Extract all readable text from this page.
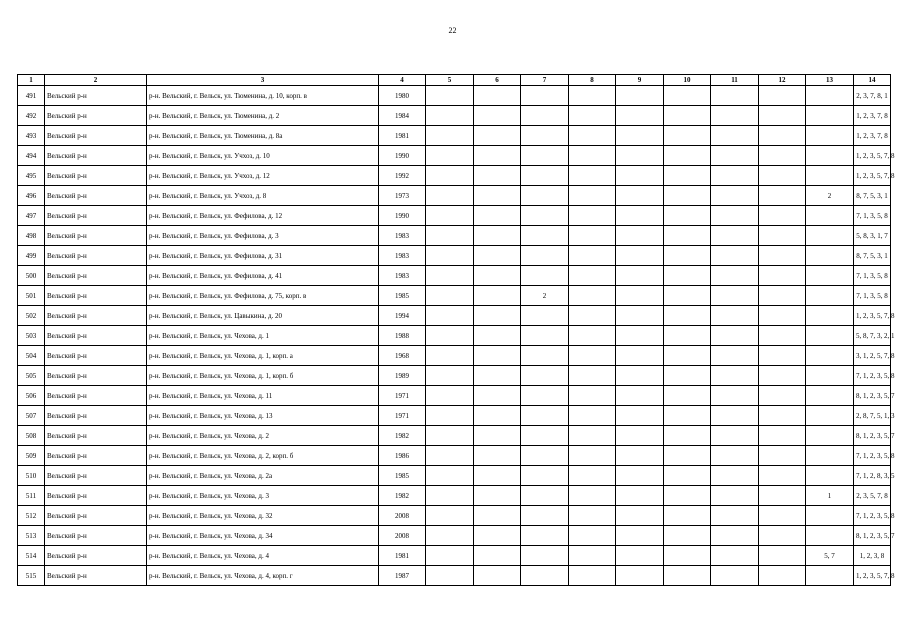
22
1	2	3	4	5	6	7	8	9	10	11	12	13	14
491	Вельский р-н	р-н. Вельский, г. Вельск, ул. Тюменина, д. 10, корп. в	1980										2, 3, 7, 8, 1
492	Вельский р-н	р-н. Вельский, г. Вельск, ул. Тюменина, д. 2	1984										1, 2, 3, 7, 8
493	Вельский р-н	р-н. Вельский, г. Вельск, ул. Тюменина, д. 8а	1981										1, 2, 3, 7, 8
494	Вельский р-н	р-н. Вельский, г. Вельск, ул. Учхоз, д. 10	1990										1, 2, 3, 5, 7, 8
495	Вельский р-н	р-н. Вельский, г. Вельск, ул. Учхоз, д. 12	1992										1, 2, 3, 5, 7, 8
496	Вельский р-н	р-н. Вельский, г. Вельск, ул. Учхоз, д. 8	1973									2	8, 7, 5, 3, 1
497	Вельский р-н	р-н. Вельский, г. Вельск, ул. Фефилова, д. 12	1990										7, 1, 3, 5, 8
498	Вельский р-н	р-н. Вельский, г. Вельск, ул. Фефилова, д. 3	1983										5, 8, 3, 1, 7
499	Вельский р-н	р-н. Вельский, г. Вельск, ул. Фефилова, д. 31	1983										8, 7, 5, 3, 1
500	Вельский р-н	р-н. Вельский, г. Вельск, ул. Фефилова, д. 41	1983										7, 1, 3, 5, 8
501	Вельский р-н	р-н. Вельский, г. Вельск, ул. Фефилова, д. 75, корп. в	1985			2							7, 1, 3, 5, 8
502	Вельский р-н	р-н. Вельский, г. Вельск, ул. Цавыкина, д. 20	1994										1, 2, 3, 5, 7, 8
503	Вельский р-н	р-н. Вельский, г. Вельск, ул. Чехова, д. 1	1988										5, 8, 7, 3, 2, 1
504	Вельский р-н	р-н. Вельский, г. Вельск, ул. Чехова, д. 1, корп. а	1968										3, 1, 2, 5, 7, 8
505	Вельский р-н	р-н. Вельский, г. Вельск, ул. Чехова, д. 1, корп. б	1989										7, 1, 2, 3, 5, 8
506	Вельский р-н	р-н. Вельский, г. Вельск, ул. Чехова, д. 11	1971										8, 1, 2, 3, 5, 7
507	Вельский р-н	р-н. Вельский, г. Вельск, ул. Чехова, д. 13	1971										2, 8, 7, 5, 1, 3
508	Вельский р-н	р-н. Вельский, г. Вельск, ул. Чехова, д. 2	1982										8, 1, 2, 3, 5, 7
509	Вельский р-н	р-н. Вельский, г. Вельск, ул. Чехова, д. 2, корп. б	1986										7, 1, 2, 3, 5, 8
510	Вельский р-н	р-н. Вельский, г. Вельск, ул. Чехова, д. 2а	1985										7, 1, 2, 8, 3, 5
511	Вельский р-н	р-н. Вельский, г. Вельск, ул. Чехова, д. 3	1982									1	2, 3, 5, 7, 8
512	Вельский р-н	р-н. Вельский, г. Вельск, ул. Чехова, д. 32	2008										7, 1, 2, 3, 5, 8
513	Вельский р-н	р-н. Вельский, г. Вельск, ул. Чехова, д. 34	2008										8, 1, 2, 3, 5, 7
514	Вельский р-н	р-н. Вельский, г. Вельск, ул. Чехова, д. 4	1981									5, 7	1, 2, 3, 8
515	Вельский р-н	р-н. Вельский, г. Вельск, ул. Чехова, д. 4, корп. г	1987										1, 2, 3, 5, 7, 8
